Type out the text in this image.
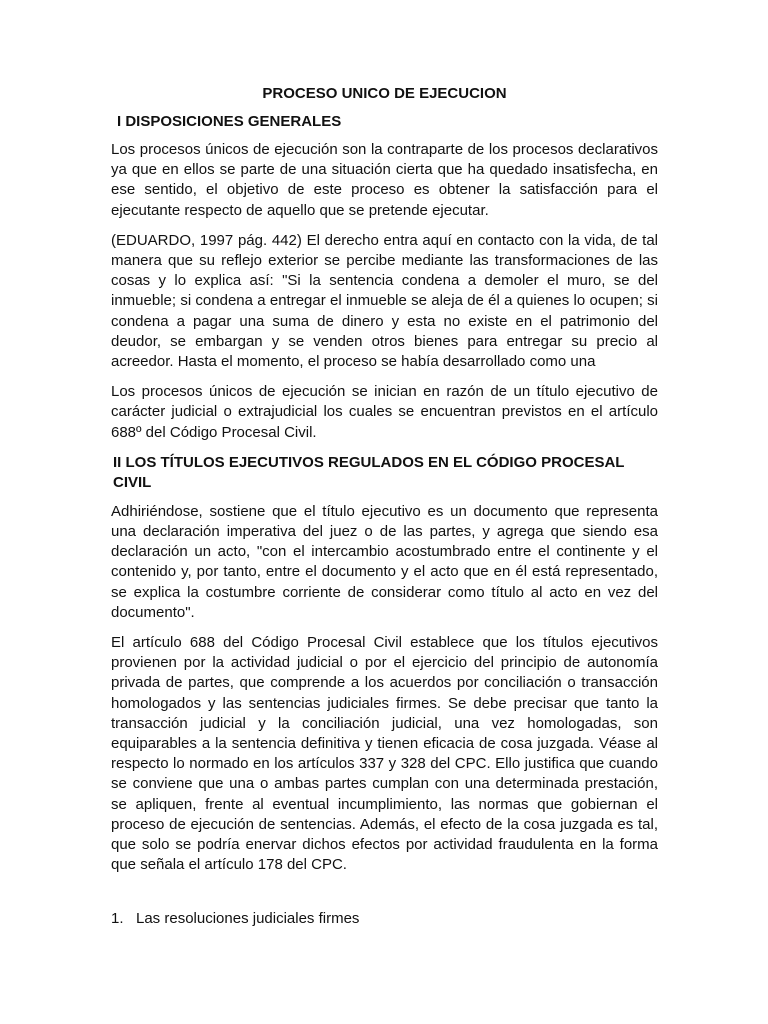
PROCESO UNICO DE EJECUCION
I DISPOSICIONES GENERALES

Los procesos únicos de ejecución son la contraparte de los procesos declarativos ya que en ellos se parte de una situación cierta que ha quedado insatisfecha, en ese sentido, el objetivo de este proceso es obtener la satisfacción para el ejecutante respecto de aquello que se pretende ejecutar.

(EDUARDO, 1997 pág. 442) El derecho entra aquí en contacto con la vida, de tal manera que su reflejo exterior se percibe mediante las transformaciones de las cosas y lo explica así: "Si la sentencia condena a demoler el muro, se del inmueble; si condena a entregar el inmueble se aleja de él a quienes lo ocupen; si condena a pagar una suma de dinero y esta no existe en el patrimonio del deudor, se embargan y se venden otros bienes para entregar su precio al acreedor. Hasta el momento, el proceso se había desarrollado como una

Los procesos únicos de ejecución se inician en razón de un título ejecutivo de carácter judicial o extrajudicial los cuales se encuentran previstos en el artículo 688º del Código Procesal Civil.

II LOS TÍTULOS EJECUTIVOS REGULADOS EN EL CÓDIGO PROCESAL CIVIL

Adhiriéndose, sostiene que el título ejecutivo es un documento que representa una declaración imperativa del juez o de las partes, y agrega que siendo esa declaración un acto, "con el intercambio acostumbrado entre el continente y el contenido y, por tanto, entre el documento y el acto que en él está representado, se explica la costumbre corriente de considerar como título al acto en vez del documento".

El artículo 688 del Código Procesal Civil establece que los títulos ejecutivos provienen por la actividad judicial o por el ejercicio del principio de autonomía privada de partes, que comprende a los acuerdos por conciliación o transacción homologados y las sentencias judiciales firmes. Se debe precisar que tanto la transacción judicial y la conciliación judicial, una vez homologadas, son equiparables a la sentencia definitiva y tienen eficacia de cosa juzgada. Véase al respecto lo normado en los artículos 337 y 328 del CPC. Ello justifica que cuando se conviene que una o ambas partes cumplan con una determinada prestación, se apliquen, frente al eventual incumplimiento, las normas que gobiernan el proceso de ejecución de sentencias. Además, el efecto de la cosa juzgada es tal, que solo se podría enervar dichos efectos por actividad fraudulenta en la forma que señala el artículo 178 del CPC.

1. Las resoluciones judiciales firmes
